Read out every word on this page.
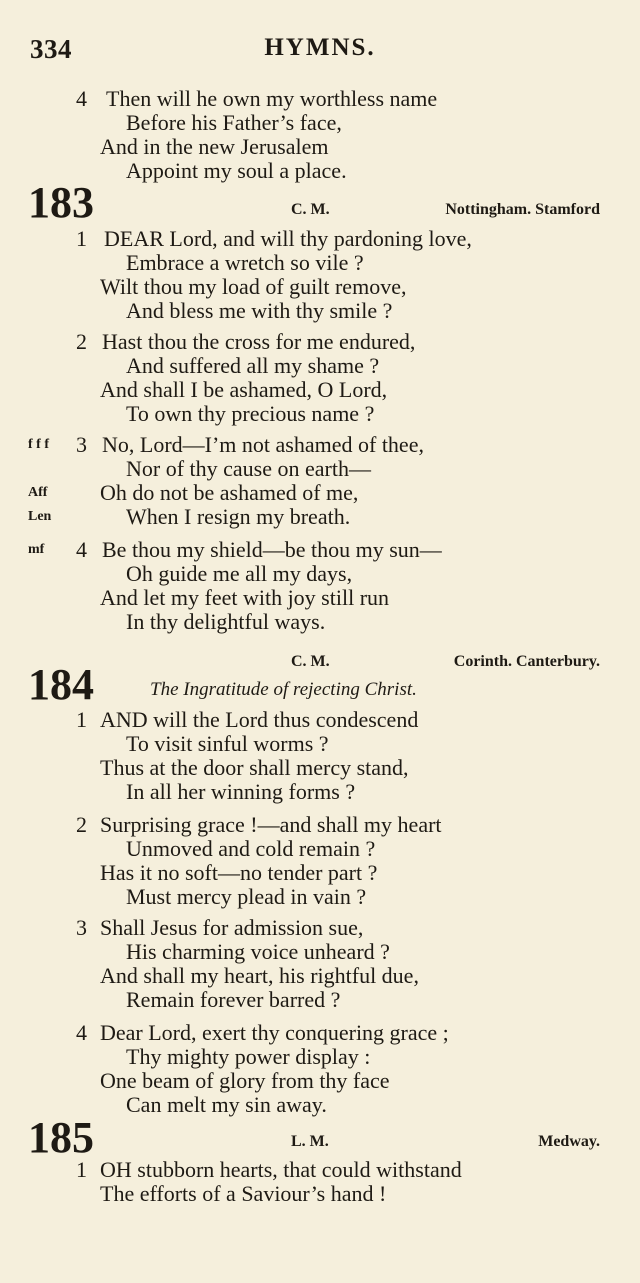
334	HYMNS.
4 Then will he own my worthless name
Before his Father’s face,
And in the new Jerusalem
Appoint my soul a place.
183	C. M.	Nottingham. Stamford
1 DEAR Lord, and will thy pardoning love,
Embrace a wretch so vile ?
Wilt thou my load of guilt remove,
And bless me with thy smile ?
2 Hast thou the cross for me endured,
And suffered all my shame ?
And shall I be ashamed, O Lord,
To own thy precious name ?
f f f 3 No, Lord—I’m not ashamed of thee,
Nor of thy cause on earth—
Aff Oh do not be ashamed of me,
Len	When I resign my breath.
mf 4 Be thou my shield—be thou my sun—
Oh guide me all my days,
And let my feet with joy still run
In thy delightful ways.
C. M.	Corinth. Canterbury.
184	The Ingratitude of rejecting Christ.
1 AND will the Lord thus condescend
To visit sinful worms ?
Thus at the door shall mercy stand,
In all her winning forms ?
2 Surprising grace !—and shall my heart
Unmoved and cold remain ?
Has it no soft—no tender part ?
Must mercy plead in vain ?
3 Shall Jesus for admission sue,
His charming voice unheard ?
And shall my heart, his rightful due,
Remain forever barred ?
4 Dear Lord, exert thy conquering grace ;
Thy mighty power display :
One beam of glory from thy face
Can melt my sin away.
185	L. M.	Medway.
1 OH stubborn hearts, that could withstand
The efforts of a Saviour’s hand !
